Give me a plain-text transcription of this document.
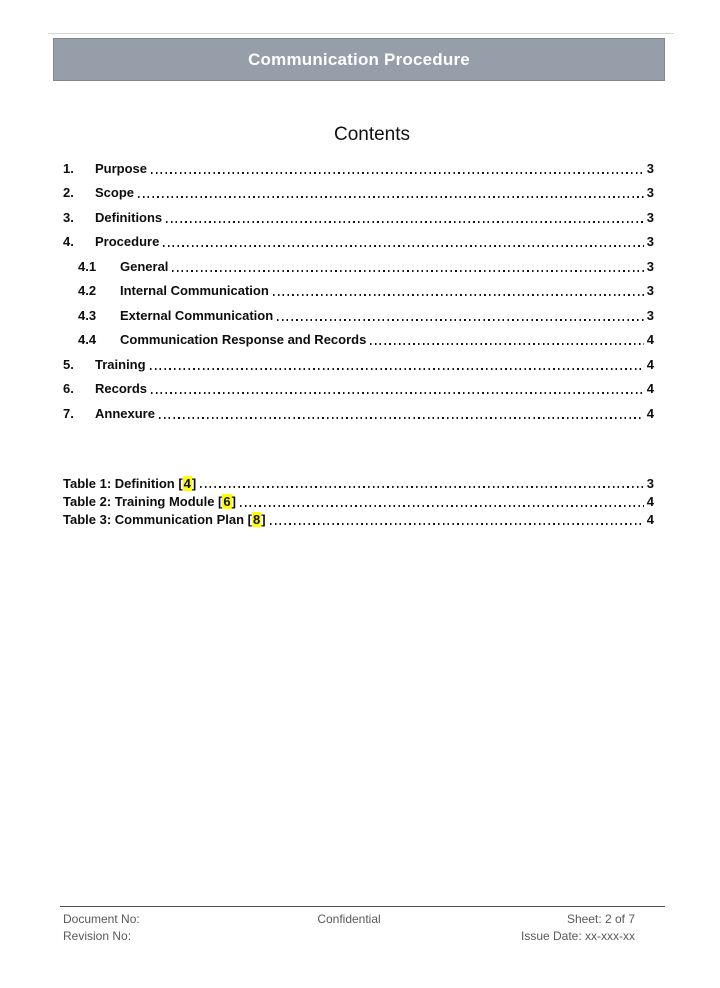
Communication Procedure
Contents
1.	Purpose	3
2.	Scope	3
3.	Definitions	3
4.	Procedure	3
4.1	General	3
4.2	Internal Communication	3
4.3	External Communication	3
4.4	Communication Response and Records	4
5.	Training	4
6.	Records	4
7.	Annexure	4
Table 1: Definition [4]	3
Table 2: Training Module [6]	4
Table 3: Communication Plan [8]	4
Document No:	Confidential	Sheet: 2 of 7
Revision No:	Issue Date: xx-xxx-xx
